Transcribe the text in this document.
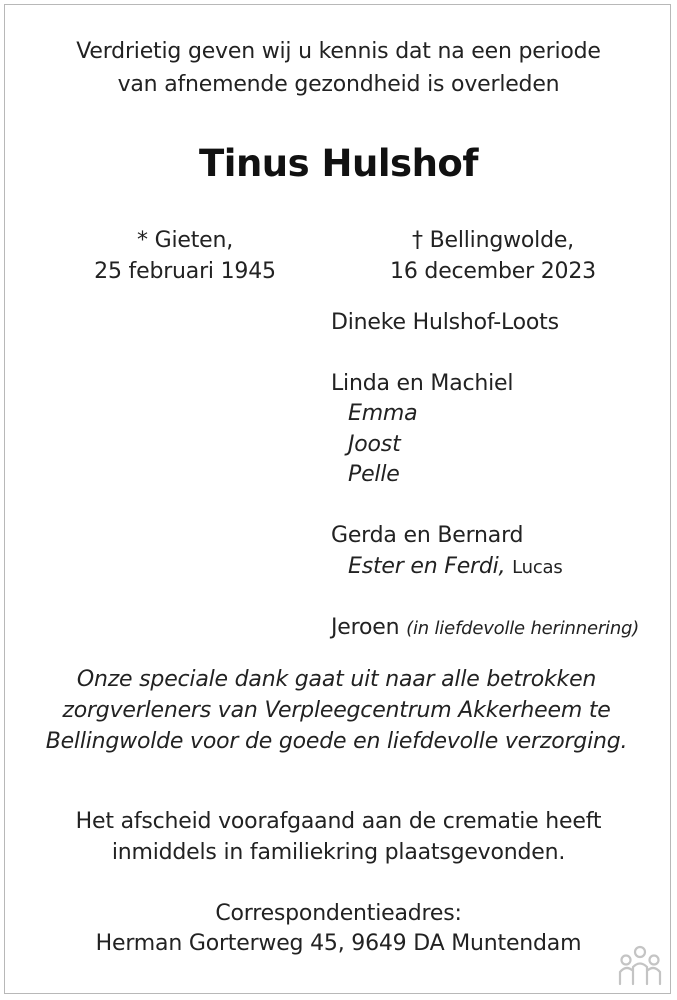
Verdrietig geven wij u kennis dat na een periode
van afnemende gezondheid is overleden
Tinus Hulshof
* Gieten,
25 februari 1945
† Bellingwolde,
16 december 2023
Dineke Hulshof-Loots
Linda en Machiel
Emma
Joost
Pelle
Gerda en Bernard
Ester en Ferdi, Lucas
Jeroen (in liefdevolle herinnering)
Onze speciale dank gaat uit naar alle betrokken
zorgverleners van Verpleegcentrum Akkerheem te
Bellingwolde voor de goede en liefdevolle verzorging.
Het afscheid voorafgaand aan de crematie heeft
inmiddels in familiekring plaatsgevonden.
Correspondentieadres:
Herman Gorterweg 45, 9649 DA Muntendam
